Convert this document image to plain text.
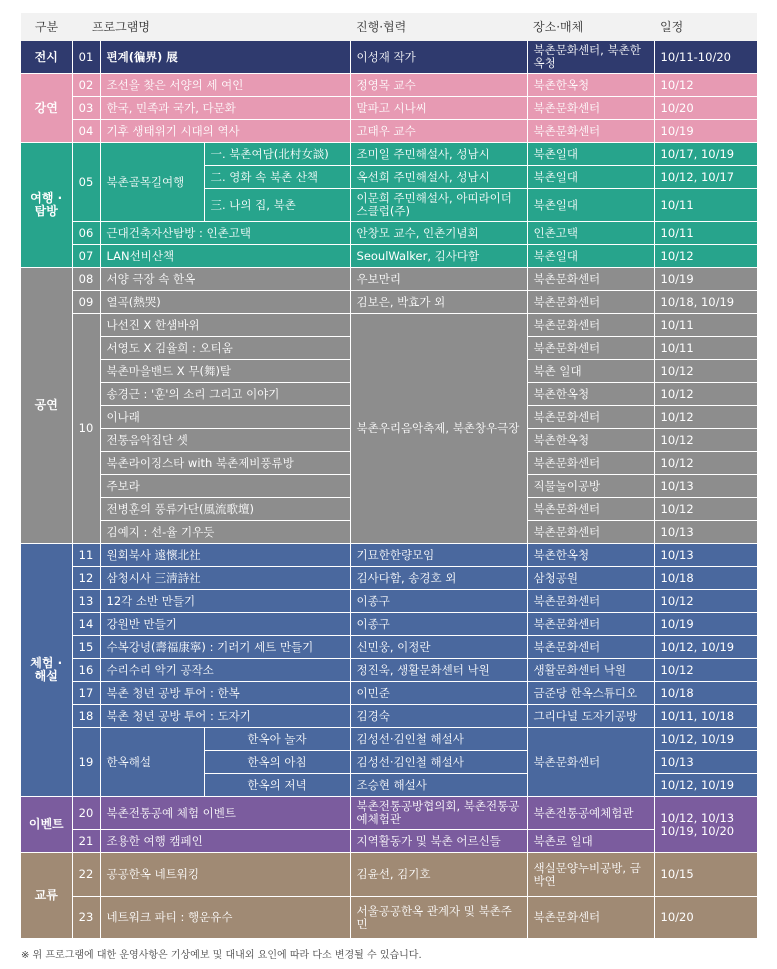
구분	프로그램명			진행·협력	장소·매체	일정
전시	01	편계(徧界) 展		이성재 작가	북촌문화센터, 북촌한옥청	10/11-10/20
강연	02	조선을 찾은 서양의 세 여인		정영목 교수	북촌한옥청	10/12
	03	한국, 민족과 국가, 다문화		말파고 시나씨	북촌문화센터	10/20
	04	기후 생태위기 시대의 역사		고태우 교수	북촌문화센터	10/19
여행 · 탐방	05	북촌골목길여행	一. 북촌여담(北村女談)	조미일 주민해설사, 성남시	북촌일대	10/17, 10/19
			二. 영화 속 북촌 산책	옥선희 주민해설사, 성남시	북촌일대	10/12, 10/17
			三. 나의 집, 북촌	이문희 주민해설사, 아띠라이더스클럽(주)	북촌일대	10/11
	06	근대건축자산탐방 : 인촌고택		안창모 교수, 인촌기념회	인촌고택	10/11
	07	LAN선비산책		SeoulWalker, 김사다함	북촌일대	10/12
공연	08	서양 극장 속 한옥		우보만리	북촌문화센터	10/19
	09	열곡(熱哭)		김보은, 박효가 외	북촌문화센터	10/18, 10/19
	10	나선진 X 한샘바위		북촌우리음악축제, 북촌창우극장	북촌문화센터	10/11
		서영도 X 김율희 : 오티움			북촌문화센터	10/11
		북촌마을밴드 X 무(舞)탈			북촌 일대	10/12
		송경근 : '훈'의 소리 그리고 이야기			북촌한옥청	10/12
		이나래			북촌문화센터	10/12
		전통음악집단 셋			북촌한옥청	10/12
		북촌라이징스타 with 북촌제비풍류방			북촌문화센터	10/12
		주보라			직물놀이공방	10/13
		전병훈의 풍류가단(風流歌壇)			북촌문화센터	10/12
		김예지 : 선-율 기우듯			북촌문화센터	10/13
체험 · 해설	11	원회북사 遠懷北社		기묘한한량모임	북촌한옥청	10/13
	12	삼청시사 三淸詩社		김사다함, 송경호 외	삼청공원	10/18
	13	12각 소반 만들기		이종구	북촌문화센터	10/12
	14	강원반 만들기		이종구	북촌문화센터	10/19
	15	수복강녕(壽福康寧) : 기러기 세트 만들기		신민웅, 이정란	북촌문화센터	10/12, 10/19
	16	수리수리 악기 공작소		정진욱, 생활문화센터 낙원	생활문화센터 낙원	10/12
	17	북촌 청년 공방 투어 : 한복		이민준	금준당 한옥스튜디오	10/18
	18	북촌 청년 공방 투어 : 도자기		김경숙	그리다널 도자기공방	10/11, 10/18
	19	한옥해설	한옥아 놀자	김성선·김인철 해설사	북촌문화센터	10/12, 10/19
			한옥의 아침	김성선·김인철 해설사		10/13
			한옥의 저녁	조승현 해설사		10/12, 10/19
이벤트	20	북촌전통공예 체험 이벤트		북촌전통공방협의회, 북촌전통공예체험관	북촌전통공예체험관	10/12, 10/13 10/19, 10/20
	21	조용한 여행 캠페인		지역활동가 및 북촌 어르신들	북촌로 일대	
교류	22	공공한옥 네트워킹		김윤선, 김기호	색실문양누비공방, 금박연	10/15
	23	네트워크 파티 : 행운유수		서울공공한옥 관계자 및 북촌주민	북촌문화센터	10/20
※ 위 프로그램에 대한 운영사항은 기상예보 및 대내외 요인에 따라 다소 변경될 수 있습니다.
